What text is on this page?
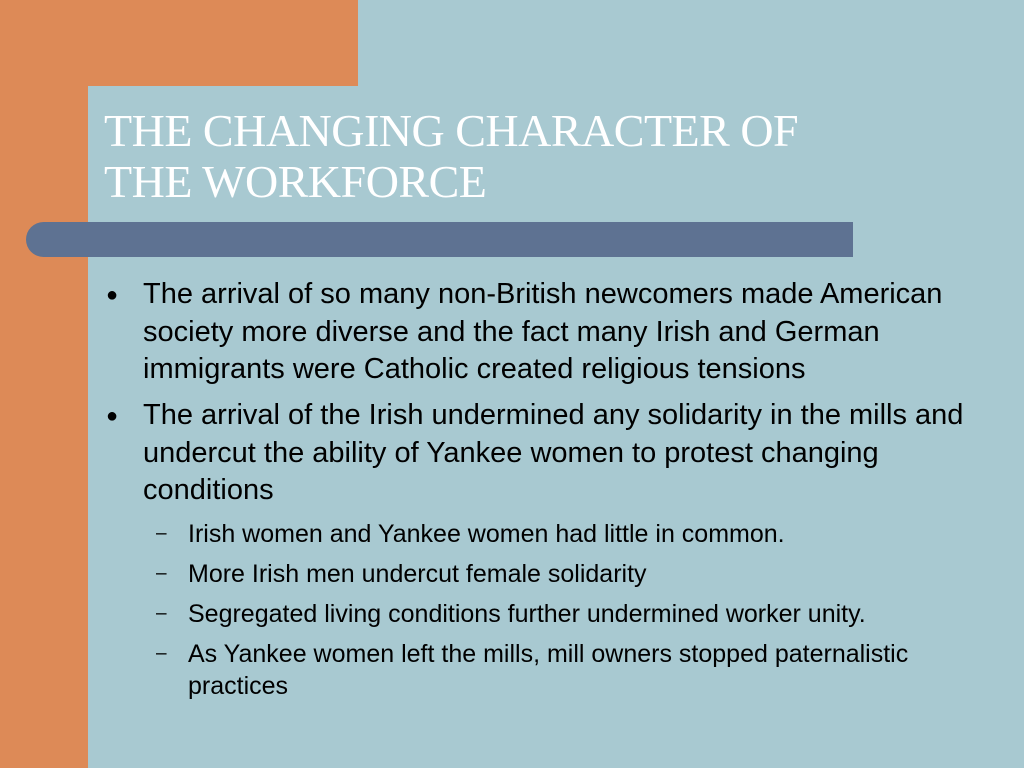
THE CHANGING CHARACTER OF
THE WORKFORCE
● The arrival of so many non-British newcomers made American society more diverse and the fact many Irish and German immigrants were Catholic created religious tensions
● The arrival of the Irish undermined any solidarity in the mills and undercut the ability of Yankee women to protest changing conditions
– Irish women and Yankee women had little in common.
– More Irish men undercut female solidarity
– Segregated living conditions further undermined worker unity.
– As Yankee women left the mills, mill owners stopped paternalistic practices
